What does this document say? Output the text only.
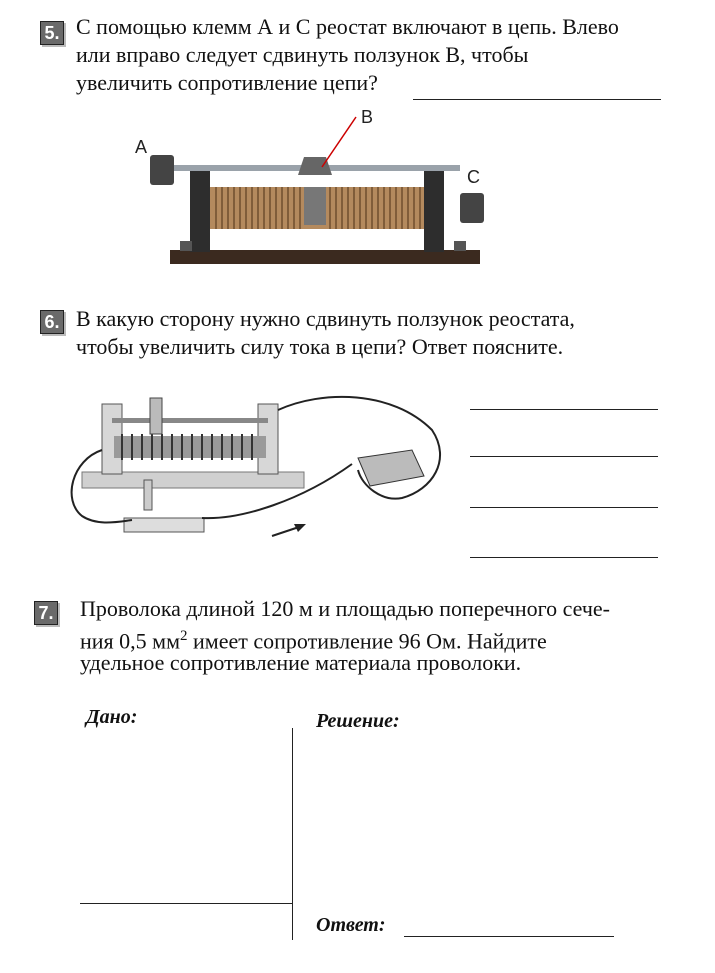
5. С помощью клемм А и С реостат включают в цепь. Влево
или вправо следует сдвинуть ползунок В, чтобы
увеличить сопротивление цепи?
A
B
C
6. В какую сторону нужно сдвинуть ползунок реостата,
чтобы увеличить силу тока в цепи? Ответ поясните.
7. Проволока длиной 120 м и площадью поперечного сече-
ния 0,5 $мм^2$ имеет сопротивление 96 Ом. Найдите
удельное сопротивление материала проволоки.
Дано:	Решение:
Ответ:
